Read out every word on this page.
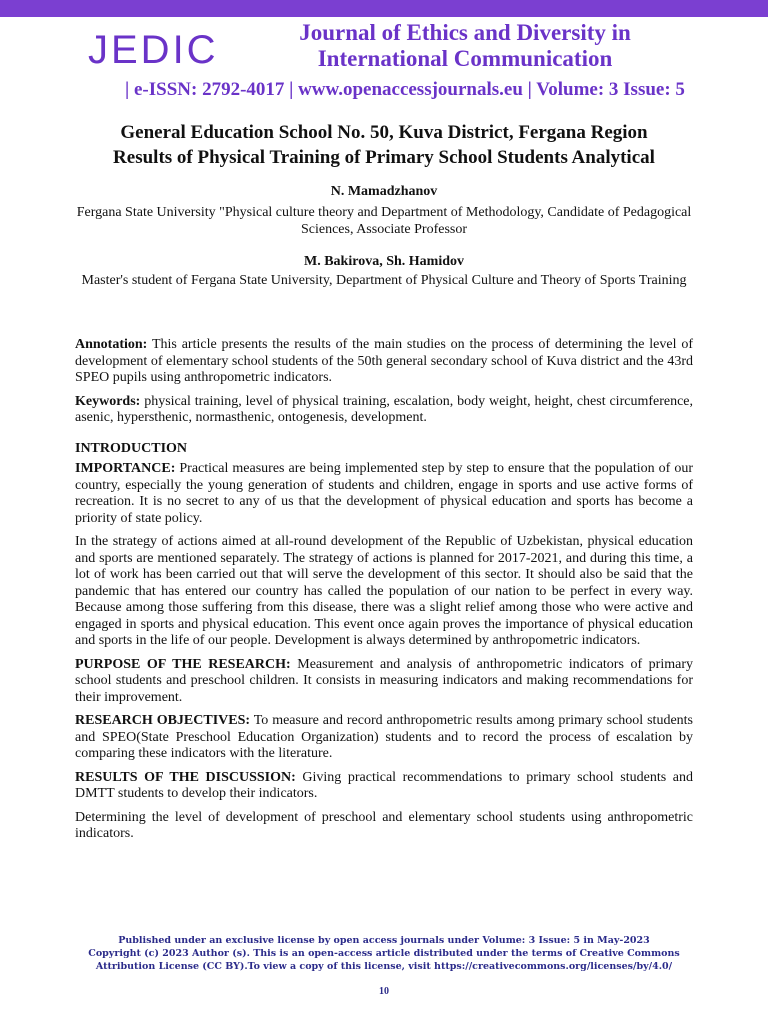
JEDIC	Journal of Ethics and Diversity in International Communication
| e-ISSN: 2792-4017 | www.openaccessjournals.eu | Volume: 3 Issue: 5
General Education School No. 50, Kuva District, Fergana Region
Results of Physical Training of Primary School Students Analytical
N. Mamadzhanov
Fergana State University "Physical culture theory and Department of Methodology, Candidate of Pedagogical Sciences, Associate Professor
M. Bakirova, Sh. Hamidov
Master's student of Fergana State University, Department of Physical Culture and Theory of Sports Training

Annotation: This article presents the results of the main studies on the process of determining the level of development of elementary school students of the 50th general secondary school of Kuva district and the 43rd SPEO pupils using anthropometric indicators.

Keywords: physical training, level of physical training, escalation, body weight, height, chest circumference, asenic, hypersthenic, normasthenic, ontogenesis, development.

INTRODUCTION

IMPORTANCE: Practical measures are being implemented step by step to ensure that the population of our country, especially the young generation of students and children, engage in sports and use active forms of recreation. It is no secret to any of us that the development of physical education and sports has become a priority of state policy.

In the strategy of actions aimed at all-round development of the Republic of Uzbekistan, physical education and sports are mentioned separately. The strategy of actions is planned for 2017-2021, and during this time, a lot of work has been carried out that will serve the development of this sector. It should also be said that the pandemic that has entered our country has called the population of our nation to be perfect in every way. Because among those suffering from this disease, there was a slight relief among those who were active and engaged in sports and physical education. This event once again proves the importance of physical education and sports in the life of our people. Development is always determined by anthropometric indicators.

PURPOSE OF THE RESEARCH: Measurement and analysis of anthropometric indicators of primary school students and preschool children. It consists in measuring indicators and making recommendations for their improvement.

RESEARCH OBJECTIVES: To measure and record anthropometric results among primary school students and SPEO(State Preschool Education Organization) students and to record the process of escalation by comparing these indicators with the literature.

RESULTS OF THE DISCUSSION: Giving practical recommendations to primary school students and DMTT students to develop their indicators.

Determining the level of development of preschool and elementary school students using anthropometric indicators.

Published under an exclusive license by open access journals under Volume: 3 Issue: 5 in May-2023
Copyright (c) 2023 Author (s). This is an open-access article distributed under the terms of Creative Commons
Attribution License (CC BY).To view a copy of this license, visit https://creativecommons.org/licenses/by/4.0/
10
